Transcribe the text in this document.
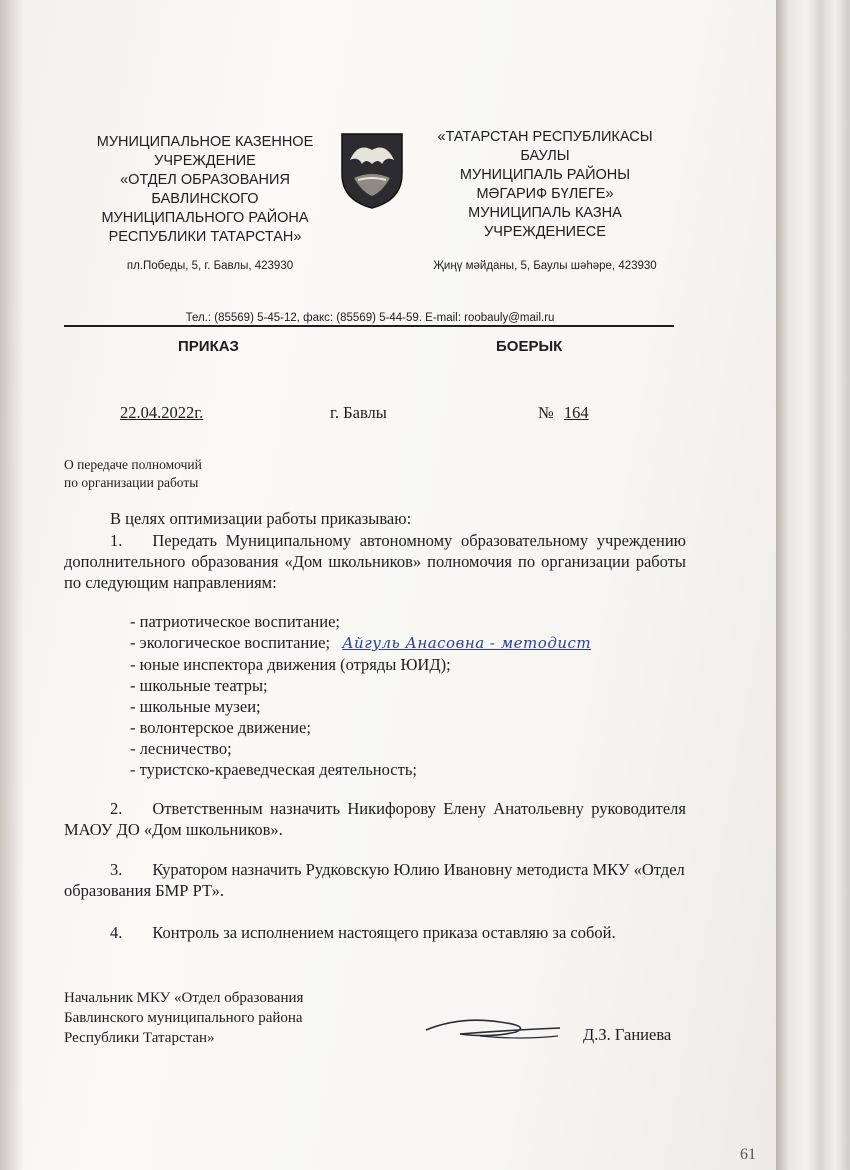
МУНИЦИПАЛЬНОЕ КАЗЕННОЕ
УЧРЕЖДЕНИЕ
«ОТДЕЛ ОБРАЗОВАНИЯ
БАВЛИНСКОГО
МУНИЦИПАЛЬНОГО РАЙОНА
РЕСПУБЛИКИ ТАТАРСТАН»
пл.Победы, 5, г. Бавлы, 423930
«ТАТАРСТАН РЕСПУБЛИКАСЫ
БАУЛЫ
МУНИЦИПАЛЬ РАЙОНЫ
МӘГАРИФ БҮЛЕГЕ»
МУНИЦИПАЛЬ КАЗНА
УЧРЕЖДЕНИЕСЕ
Җиңү мәйданы, 5, Баулы шәһәре, 423930
Тел.: (85569) 5-45-12, факс: (85569) 5-44-59. E-mail: roobauly@mail.ru
ПРИКАЗ	БОЕРЫК
22.04.2022г.	г. Бавлы	№ 164
О передаче полномочий
по организации работы
В целях оптимизации работы приказываю:
1. Передать Муниципальному автономному образовательному учреждению дополнительного образования «Дом школьников» полномочия по организации работы по следующим направлениям:
- патриотическое воспитание;
- экологическое воспитание; Айгуль Анасовна - методист
- юные инспектора движения (отряды ЮИД);
- школьные театры;
- школьные музеи;
- волонтерское движение;
- лесничество;
- туристско-краеведческая деятельность;
2. Ответственным назначить Никифорову Елену Анатольевну руководителя МАОУ ДО «Дом школьников».
3. Куратором назначить Рудковскую Юлию Ивановну методиста МКУ «Отдел образования БМР РТ».
4. Контроль за исполнением настоящего приказа оставляю за собой.
Начальник МКУ «Отдел образования
Бавлинского муниципального района
Республики Татарстан»	Д.З. Ганиева
61
